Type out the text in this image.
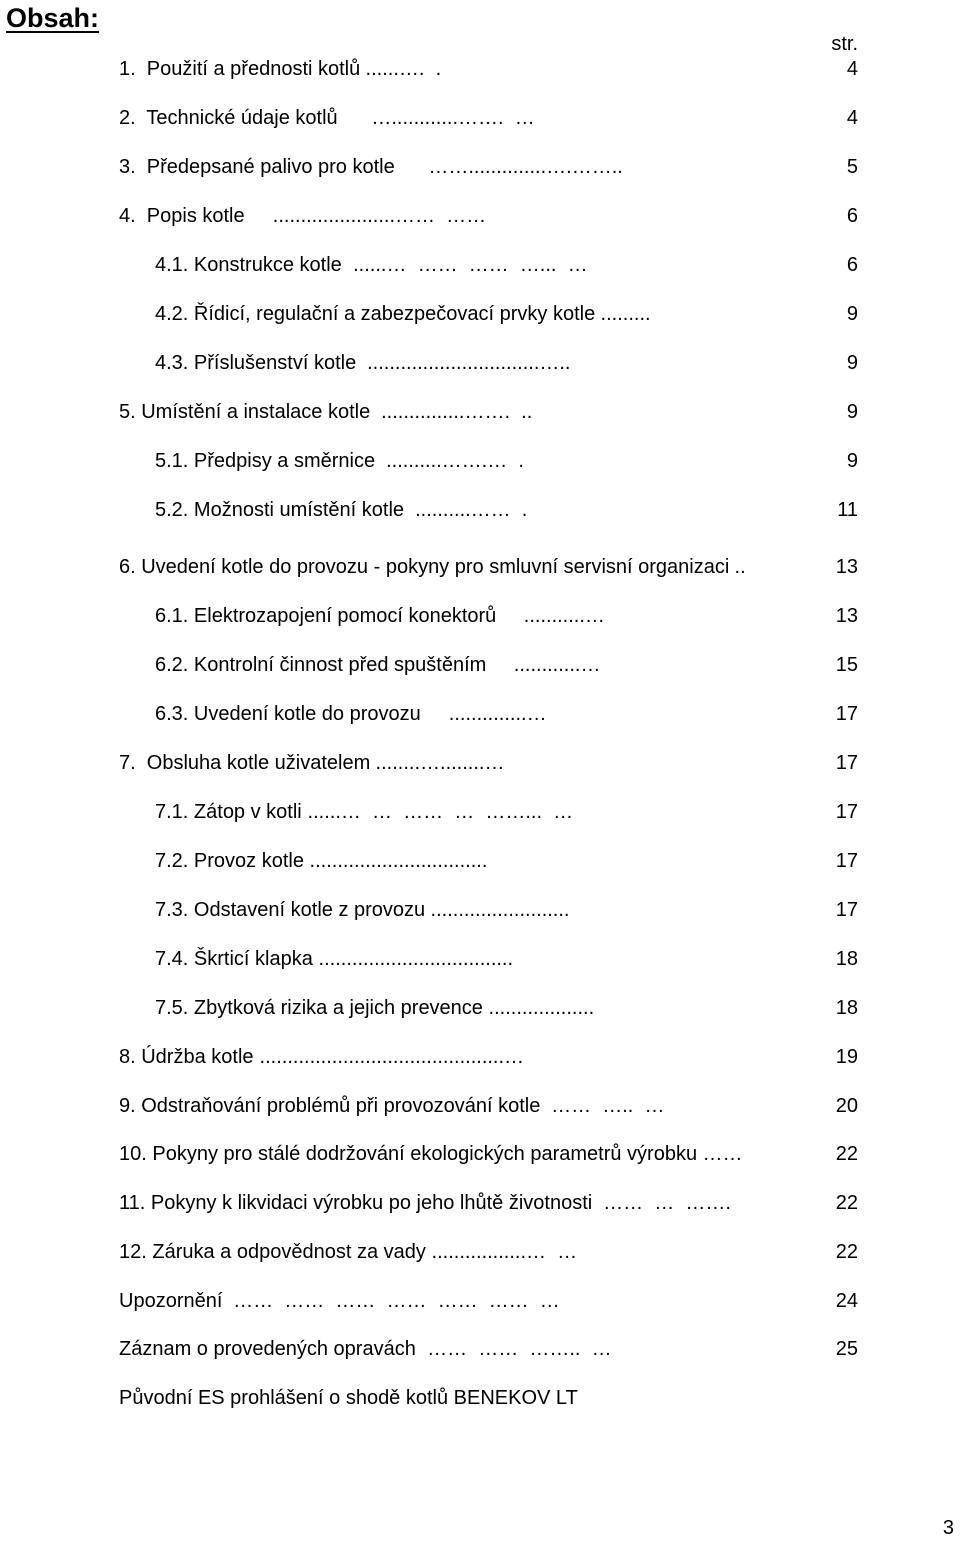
Obsah:
str.
1.  Použití a přednosti kotlů ......….  .	4
2.  Technické údaje kotlů …............…….  …	4
3.  Předepsané palivo pro kotle ……..............….……..	5
4.  Popis kotle ......................……  ……	6
4.1. Konstrukce kotle ......…  ……  ……  …...  …	6
4.2. Řídicí, regulační a zabezpečovací prvky kotle .........	9
4.3. Příslušenství kotle ...............................…..	9
5. Umístění a instalace kotle ...............…….  ..	9
5.1. Předpisy a směrnice ..........…….…  .	9
5.2. Možnosti umístění kotle ..........……  .	11
6. Uvedení kotle do provozu - pokyny pro smluvní servisní organizaci ..	13
6.1. Elektrozapojení pomocí konektorů ...........…	13
6.2. Kontrolní činnost před spuštěním ............…	15
6.3. Uvedení kotle do provozu ..............…	17
7.  Obsluha kotle uživatelem ........…........…	17
7.1. Zátop v kotli ......…  …  ……  …  ……...  …	17
7.2. Provoz kotle ................................	17
7.3. Odstavení kotle z provozu .........................	17
7.4. Škrticí klapka ...................................	18
7.5. Zbytková rizika a jejich prevence ...................	18
8. Údržba kotle ............................................…	19
9. Odstraňování problémů při provozování kotle ……  …..  …	20
10. Pokyny pro stálé dodržování ekologických parametrů výrobku ……	22
11. Pokyny k likvidaci výrobku po jeho lhůtě životnosti ……  …  …….	22
12. Záruka a odpovědnost za vady .................…  …	22
Upozornění ……  ……  ……  ……  ……  ……  …	24
Záznam o provedených opravách ……  ……  ……..  …	25
Původní ES prohlášení o shodě kotlů BENEKOV LT
3
